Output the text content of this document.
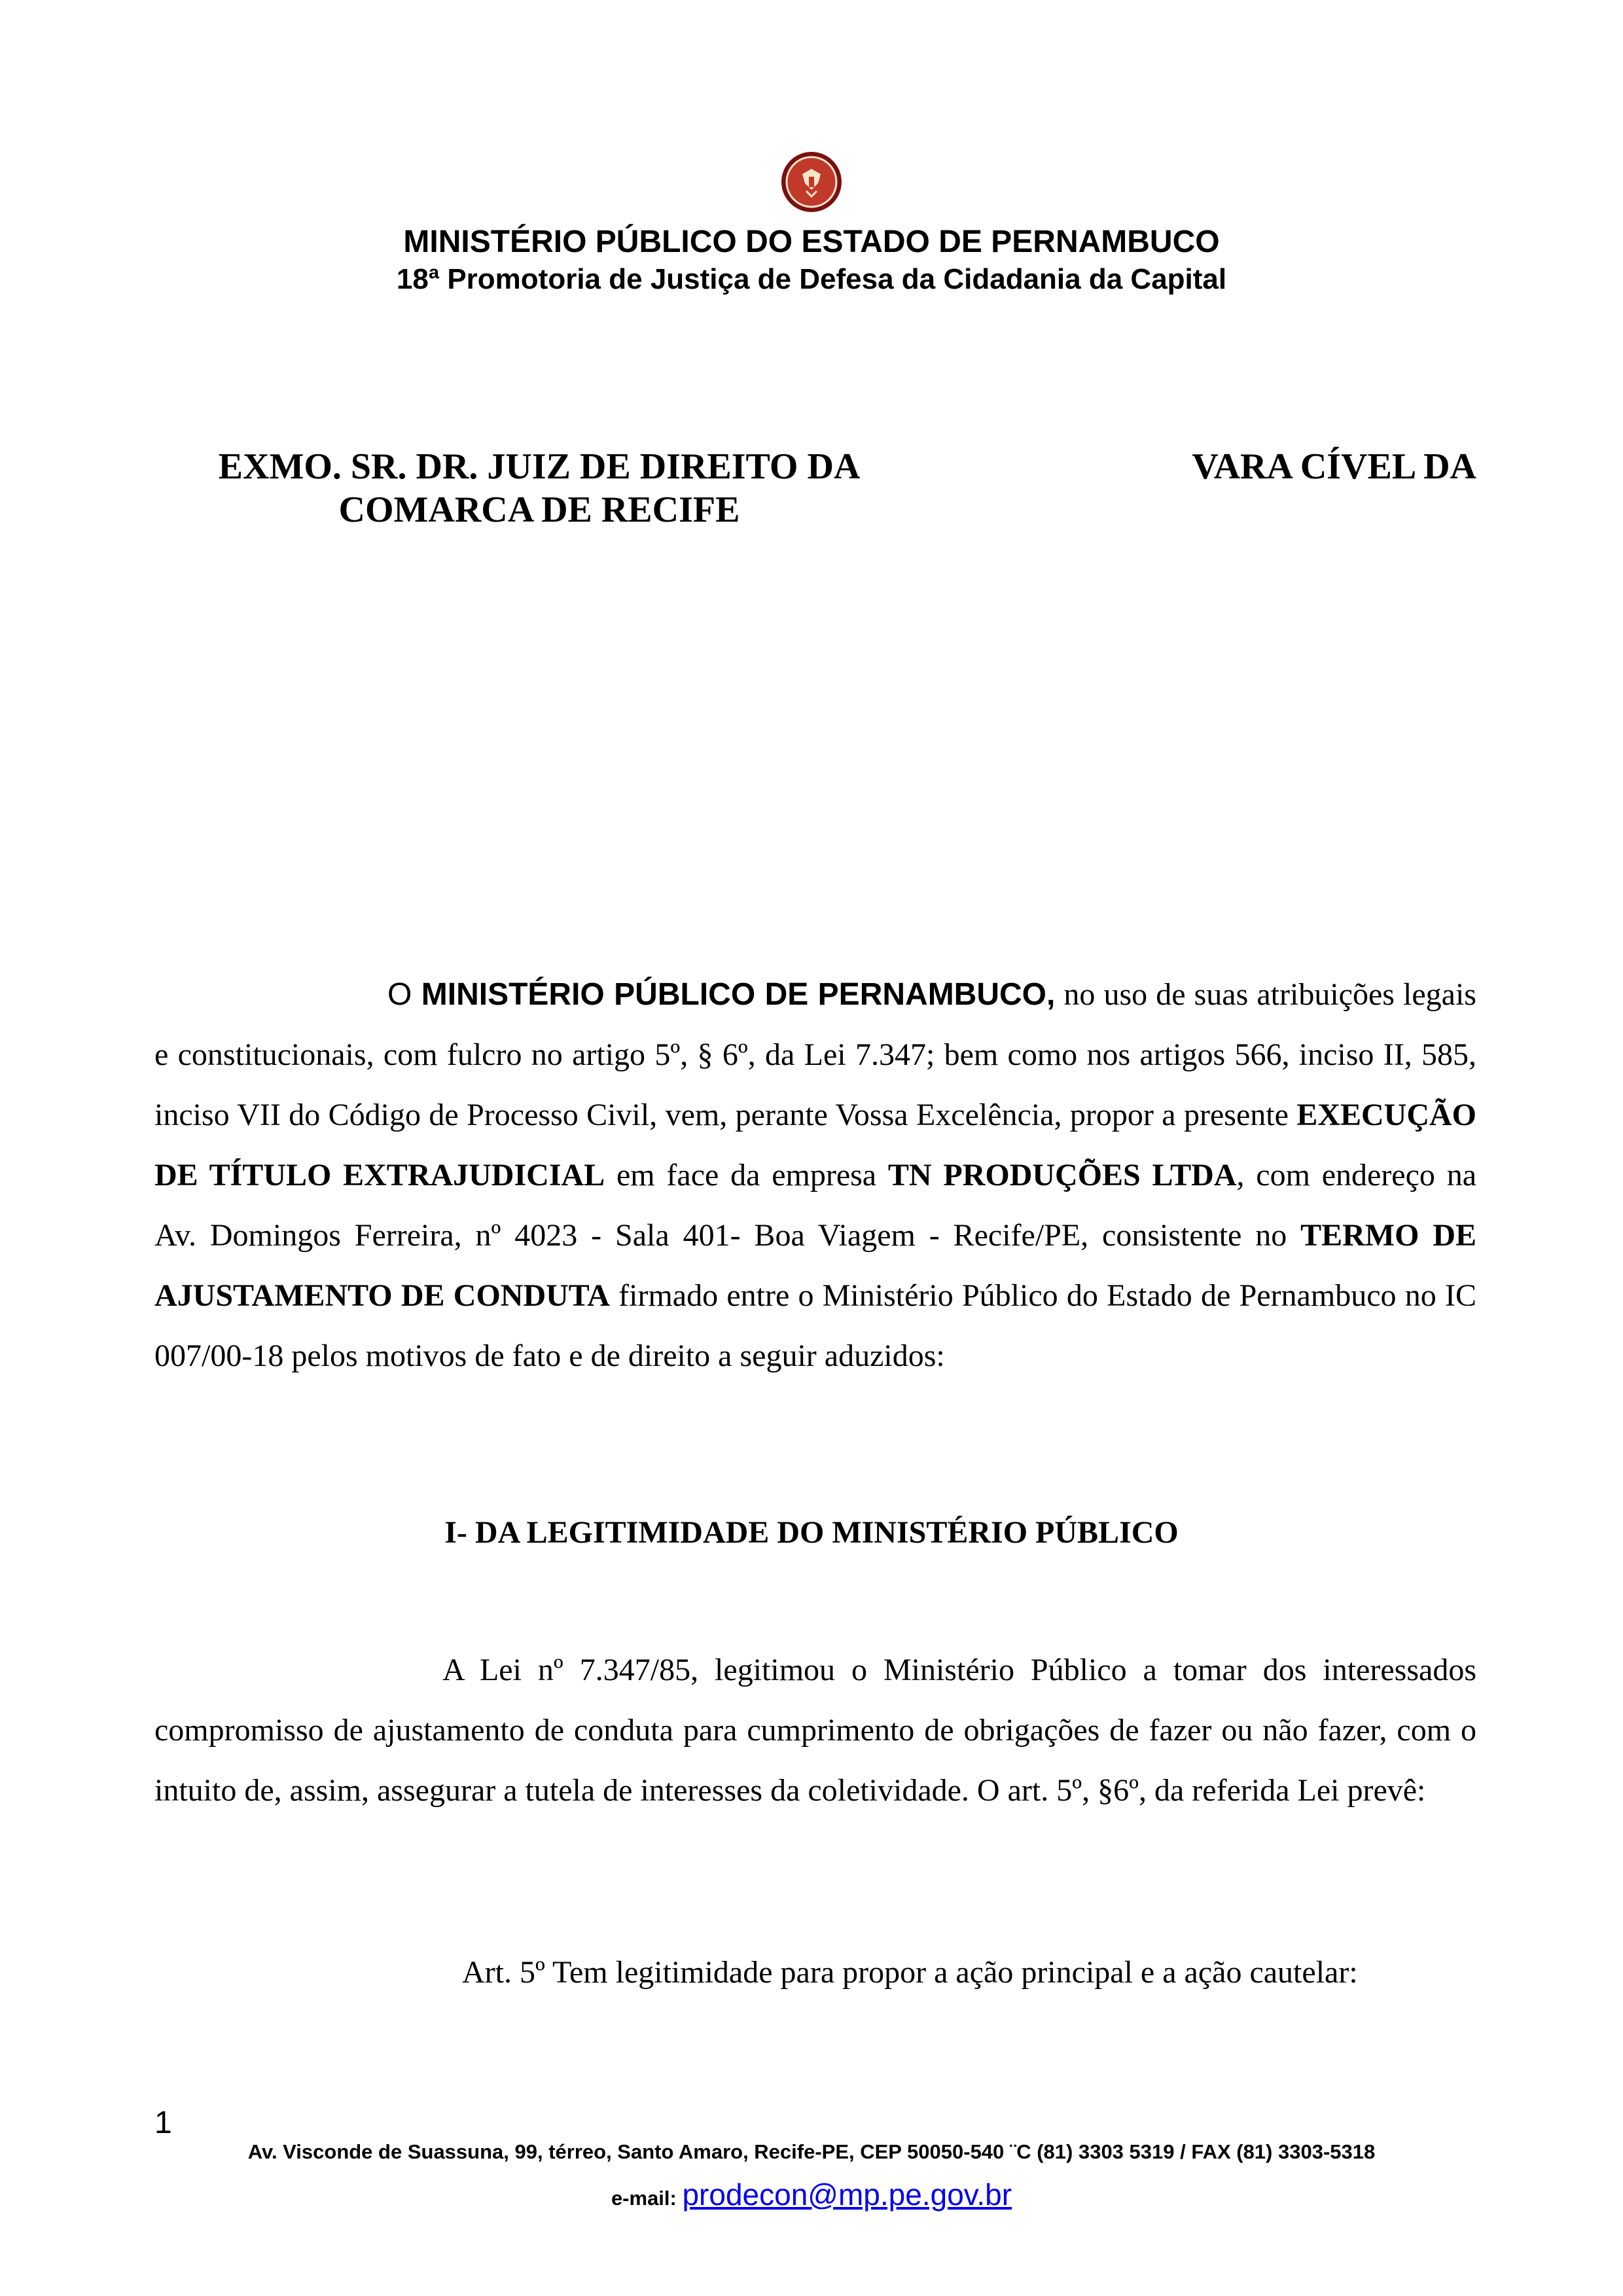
MINISTÉRIO PÚBLICO DO ESTADO DE PERNAMBUCO
18ª Promotoria de Justiça de Defesa da Cidadania da Capital
EXMO. SR. DR. JUIZ DE DIREITO DA
COMARCA DE RECIFE
VARA CÍVEL DA
O MINISTÉRIO PÚBLICO DE PERNAMBUCO, no uso de suas atribuições legais e constitucionais, com fulcro no artigo 5º, § 6º, da Lei 7.347; bem como nos artigos 566, inciso II, 585, inciso VII do Código de Processo Civil, vem, perante Vossa Excelência, propor a presente EXECUÇÃO DE TÍTULO EXTRAJUDICIAL em face da empresa TN PRODUÇÕES LTDA, com endereço na Av. Domingos Ferreira, nº 4023 - Sala 401- Boa Viagem - Recife/PE, consistente no TERMO DE AJUSTAMENTO DE CONDUTA firmado entre o Ministério Público do Estado de Pernambuco no IC 007/00-18 pelos motivos de fato e de direito a seguir aduzidos:
I- DA LEGITIMIDADE DO MINISTÉRIO PÚBLICO
A Lei nº 7.347/85, legitimou o Ministério Público a tomar dos interessados compromisso de ajustamento de conduta para cumprimento de obrigações de fazer ou não fazer, com o intuito de, assim, assegurar a tutela de interesses da coletividade. O art. 5º, §6º, da referida Lei prevê:
Art. 5º Tem legitimidade para propor a ação principal e a ação cautelar:
1
Av. Visconde de Suassuna, 99, térreo, Santo Amaro, Recife-PE, CEP 50050-540 ¨C (81) 3303 5319 / FAX (81) 3303-5318
e-mail: prodecon@mp.pe.gov.br
